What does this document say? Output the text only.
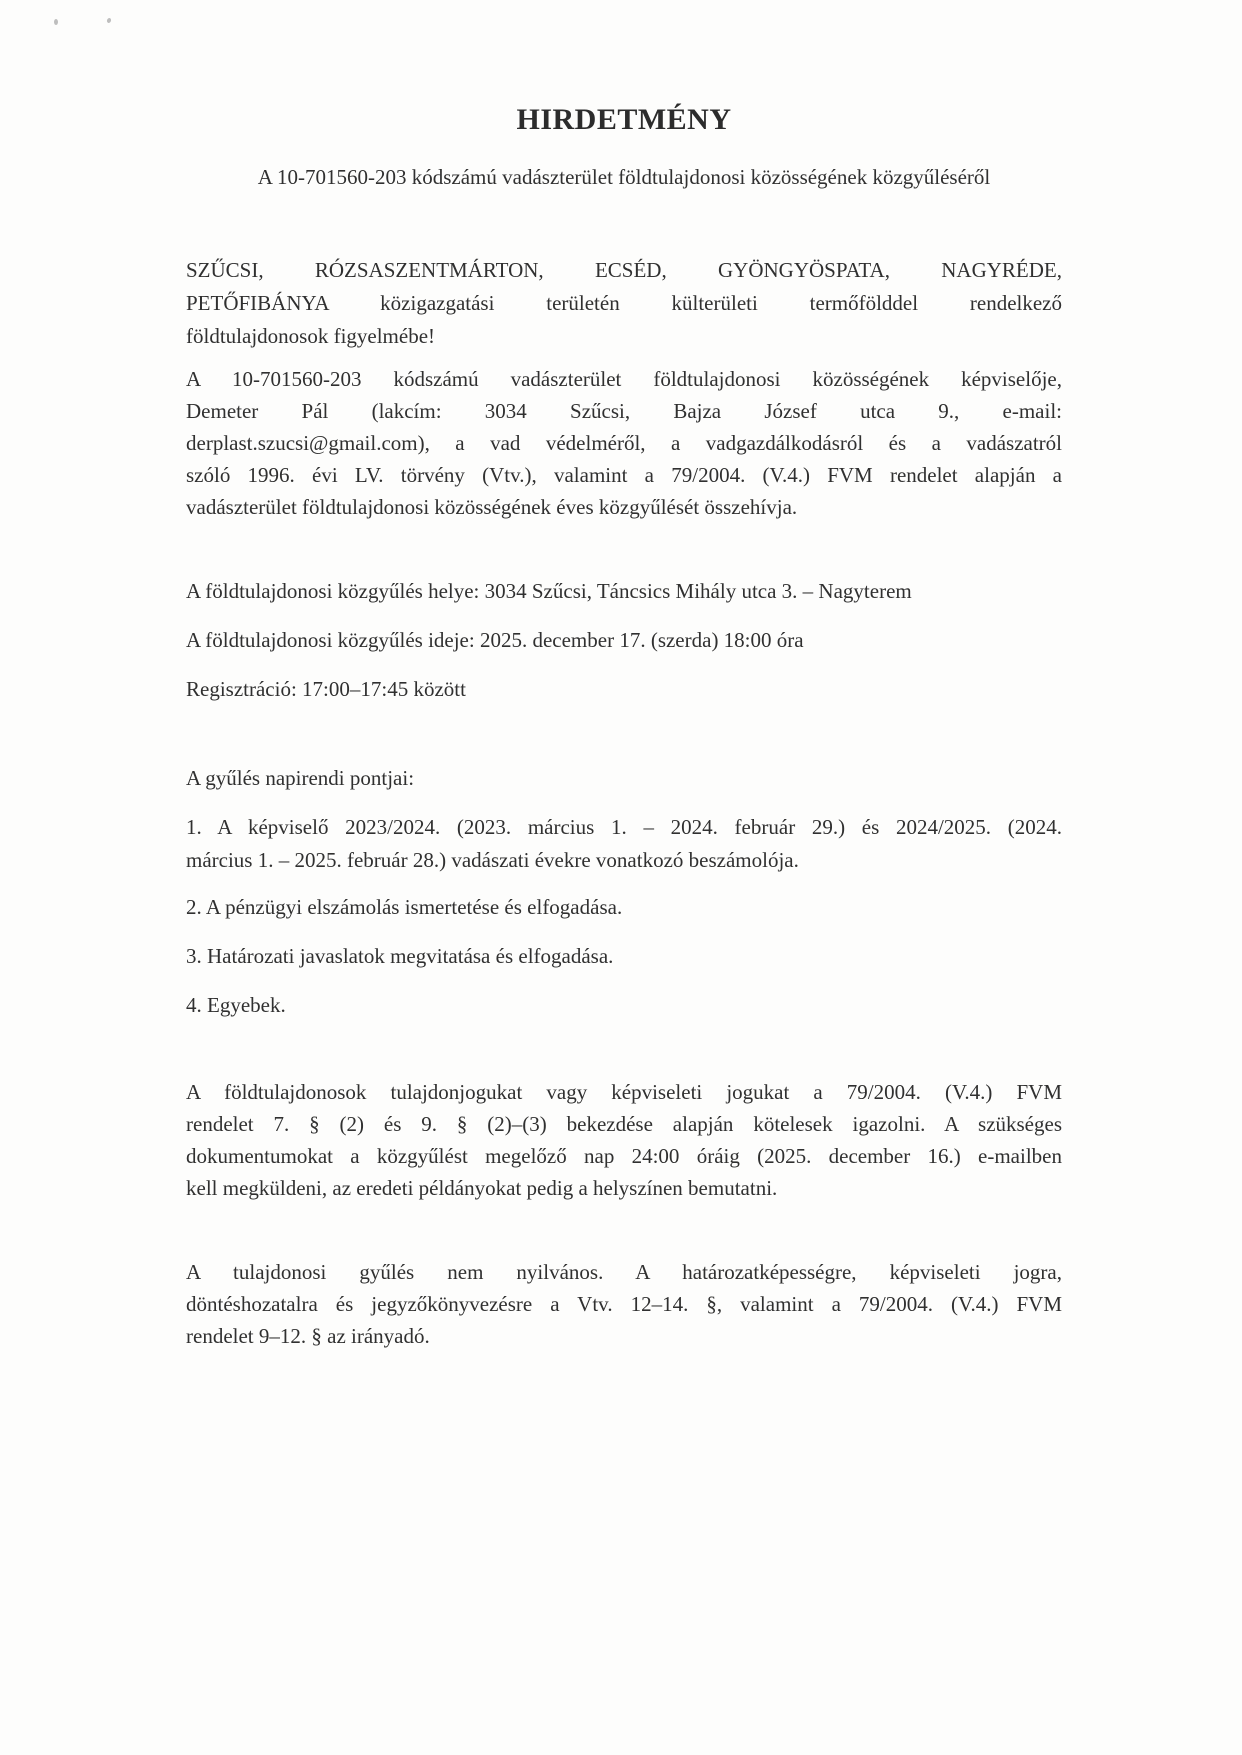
HIRDETMÉNY
A 10-701560-203 kódszámú vadászterület földtulajdonosi közösségének közgyűléséről
SZŰCSI, RÓZSASZENTMÁRTON, ECSÉD, GYÖNGYÖSPATA, NAGYRÉDE,
PETŐFIBÁNYA közigazgatási területén külterületi termőfölddel rendelkező
földtulajdonosok figyelmébe!
A 10-701560-203 kódszámú vadászterület földtulajdonosi közösségének képviselője,
Demeter Pál (lakcím: 3034 Szűcsi, Bajza József utca 9., e-mail:
derplast.szucsi@gmail.com), a vad védelméről, a vadgazdálkodásról és a vadászatról
szóló 1996. évi LV. törvény (Vtv.), valamint a 79/2004. (V.4.) FVM rendelet alapján a
vadászterület földtulajdonosi közösségének éves közgyűlését összehívja.
A földtulajdonosi közgyűlés helye: 3034 Szűcsi, Táncsics Mihály utca 3. – Nagyterem
A földtulajdonosi közgyűlés ideje: 2025. december 17. (szerda) 18:00 óra
Regisztráció: 17:00–17:45 között
A gyűlés napirendi pontjai:
1. A képviselő 2023/2024. (2023. március 1. – 2024. február 29.) és 2024/2025. (2024.
március 1. – 2025. február 28.) vadászati évekre vonatkozó beszámolója.
2. A pénzügyi elszámolás ismertetése és elfogadása.
3. Határozati javaslatok megvitatása és elfogadása.
4. Egyebek.
A földtulajdonosok tulajdonjogukat vagy képviseleti jogukat a 79/2004. (V.4.) FVM
rendelet 7. § (2) és 9. § (2)–(3) bekezdése alapján kötelesek igazolni. A szükséges
dokumentumokat a közgyűlést megelőző nap 24:00 óráig (2025. december 16.) e-mailben
kell megküldeni, az eredeti példányokat pedig a helyszínen bemutatni.
A tulajdonosi gyűlés nem nyilvános. A határozatképességre, képviseleti jogra,
döntéshozatalra és jegyzőkönyvezésre a Vtv. 12–14. §, valamint a 79/2004. (V.4.) FVM
rendelet 9–12. § az irányadó.
